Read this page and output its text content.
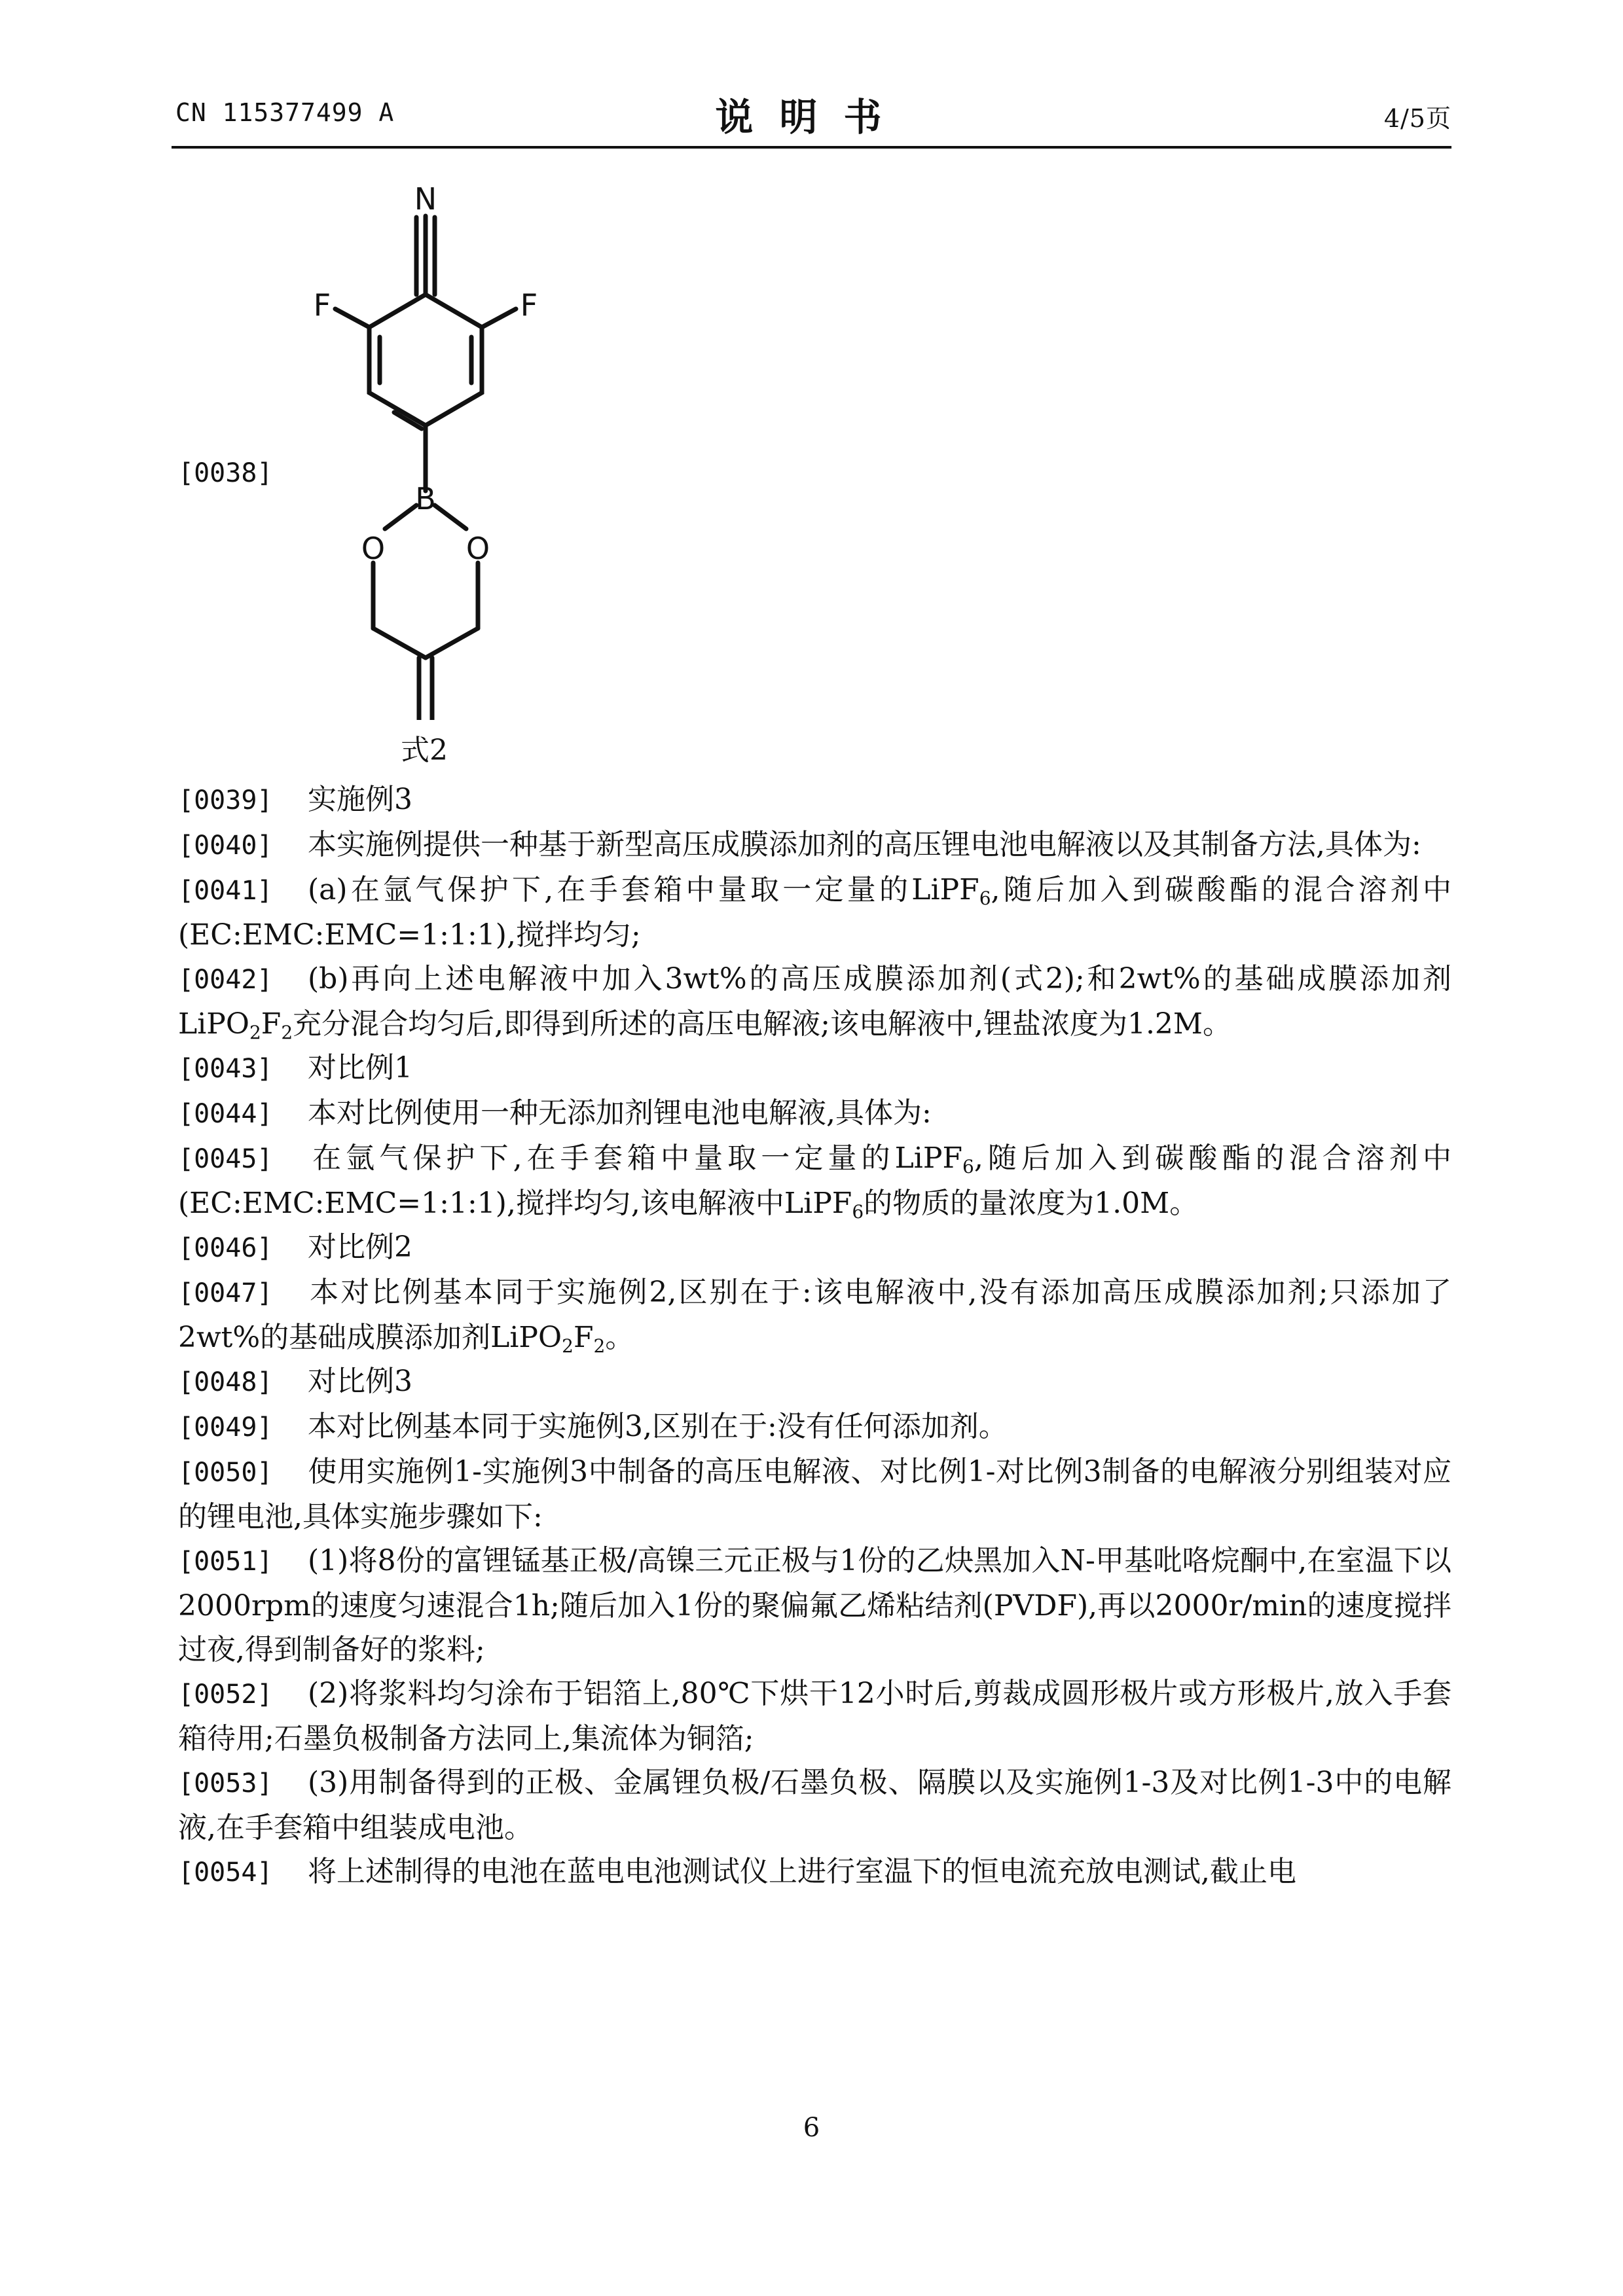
CN 115377499 A	说明书	4/5页
[0038]
N
F	F
B
O	O
式2

[0039] 实施例3

[0040] 本实施例提供一种基于新型高压成膜添加剂的高压锂电池电解液以及其制备方法,具体为:

[0041] (a)在氩气保护下,在手套箱中量取一定量的LiPF$_6$,随后加入到碳酸酯的混合溶剂中(EC:EMC:EMC=1:1:1),搅拌均匀;

[0042] (b)再向上述电解液中加入3wt%的高压成膜添加剂(式2);和2wt%的基础成膜添加剂$LiPO_2F_2$充分混合均匀后,即得到所述的高压电解液;该电解液中,锂盐浓度为1.2M。

[0043] 对比例1

[0044] 本对比例使用一种无添加剂锂电池电解液,具体为:

[0045] 在氩气保护下,在手套箱中量取一定量的LiPF$_6$,随后加入到碳酸酯的混合溶剂中(EC:EMC:EMC=1:1:1),搅拌均匀,该电解液中LiPF$_6$的物质的量浓度为1.0M。

[0046] 对比例2

[0047] 本对比例基本同于实施例2,区别在于:该电解液中,没有添加高压成膜添加剂;只添加了2wt%的基础成膜添加剂$LiPO_2F_2$。

[0048] 对比例3

[0049] 本对比例基本同于实施例3,区别在于:没有任何添加剂。

[0050] 使用实施例1-实施例3中制备的高压电解液、对比例1-对比例3制备的电解液分别组装对应的锂电池,具体实施步骤如下:

[0051] (1)将8份的富锂锰基正极/高镍三元正极与1份的乙炔黑加入N-甲基吡咯烷酮中,在室温下以2000rpm的速度匀速混合1h;随后加入1份的聚偏氟乙烯粘结剂(PVDF),再以2000r/min的速度搅拌过夜,得到制备好的浆料;

[0052] (2)将浆料均匀涂布于铝箔上,80℃下烘干12小时后,剪裁成圆形极片或方形极片,放入手套箱待用;石墨负极制备方法同上,集流体为铜箔;

[0053] (3)用制备得到的正极、金属锂负极/石墨负极、隔膜以及实施例1-3及对比例1-3中的电解液,在手套箱中组装成电池。

[0054] 将上述制得的电池在蓝电电池测试仪上进行室温下的恒电流充放电测试,截止电

6
